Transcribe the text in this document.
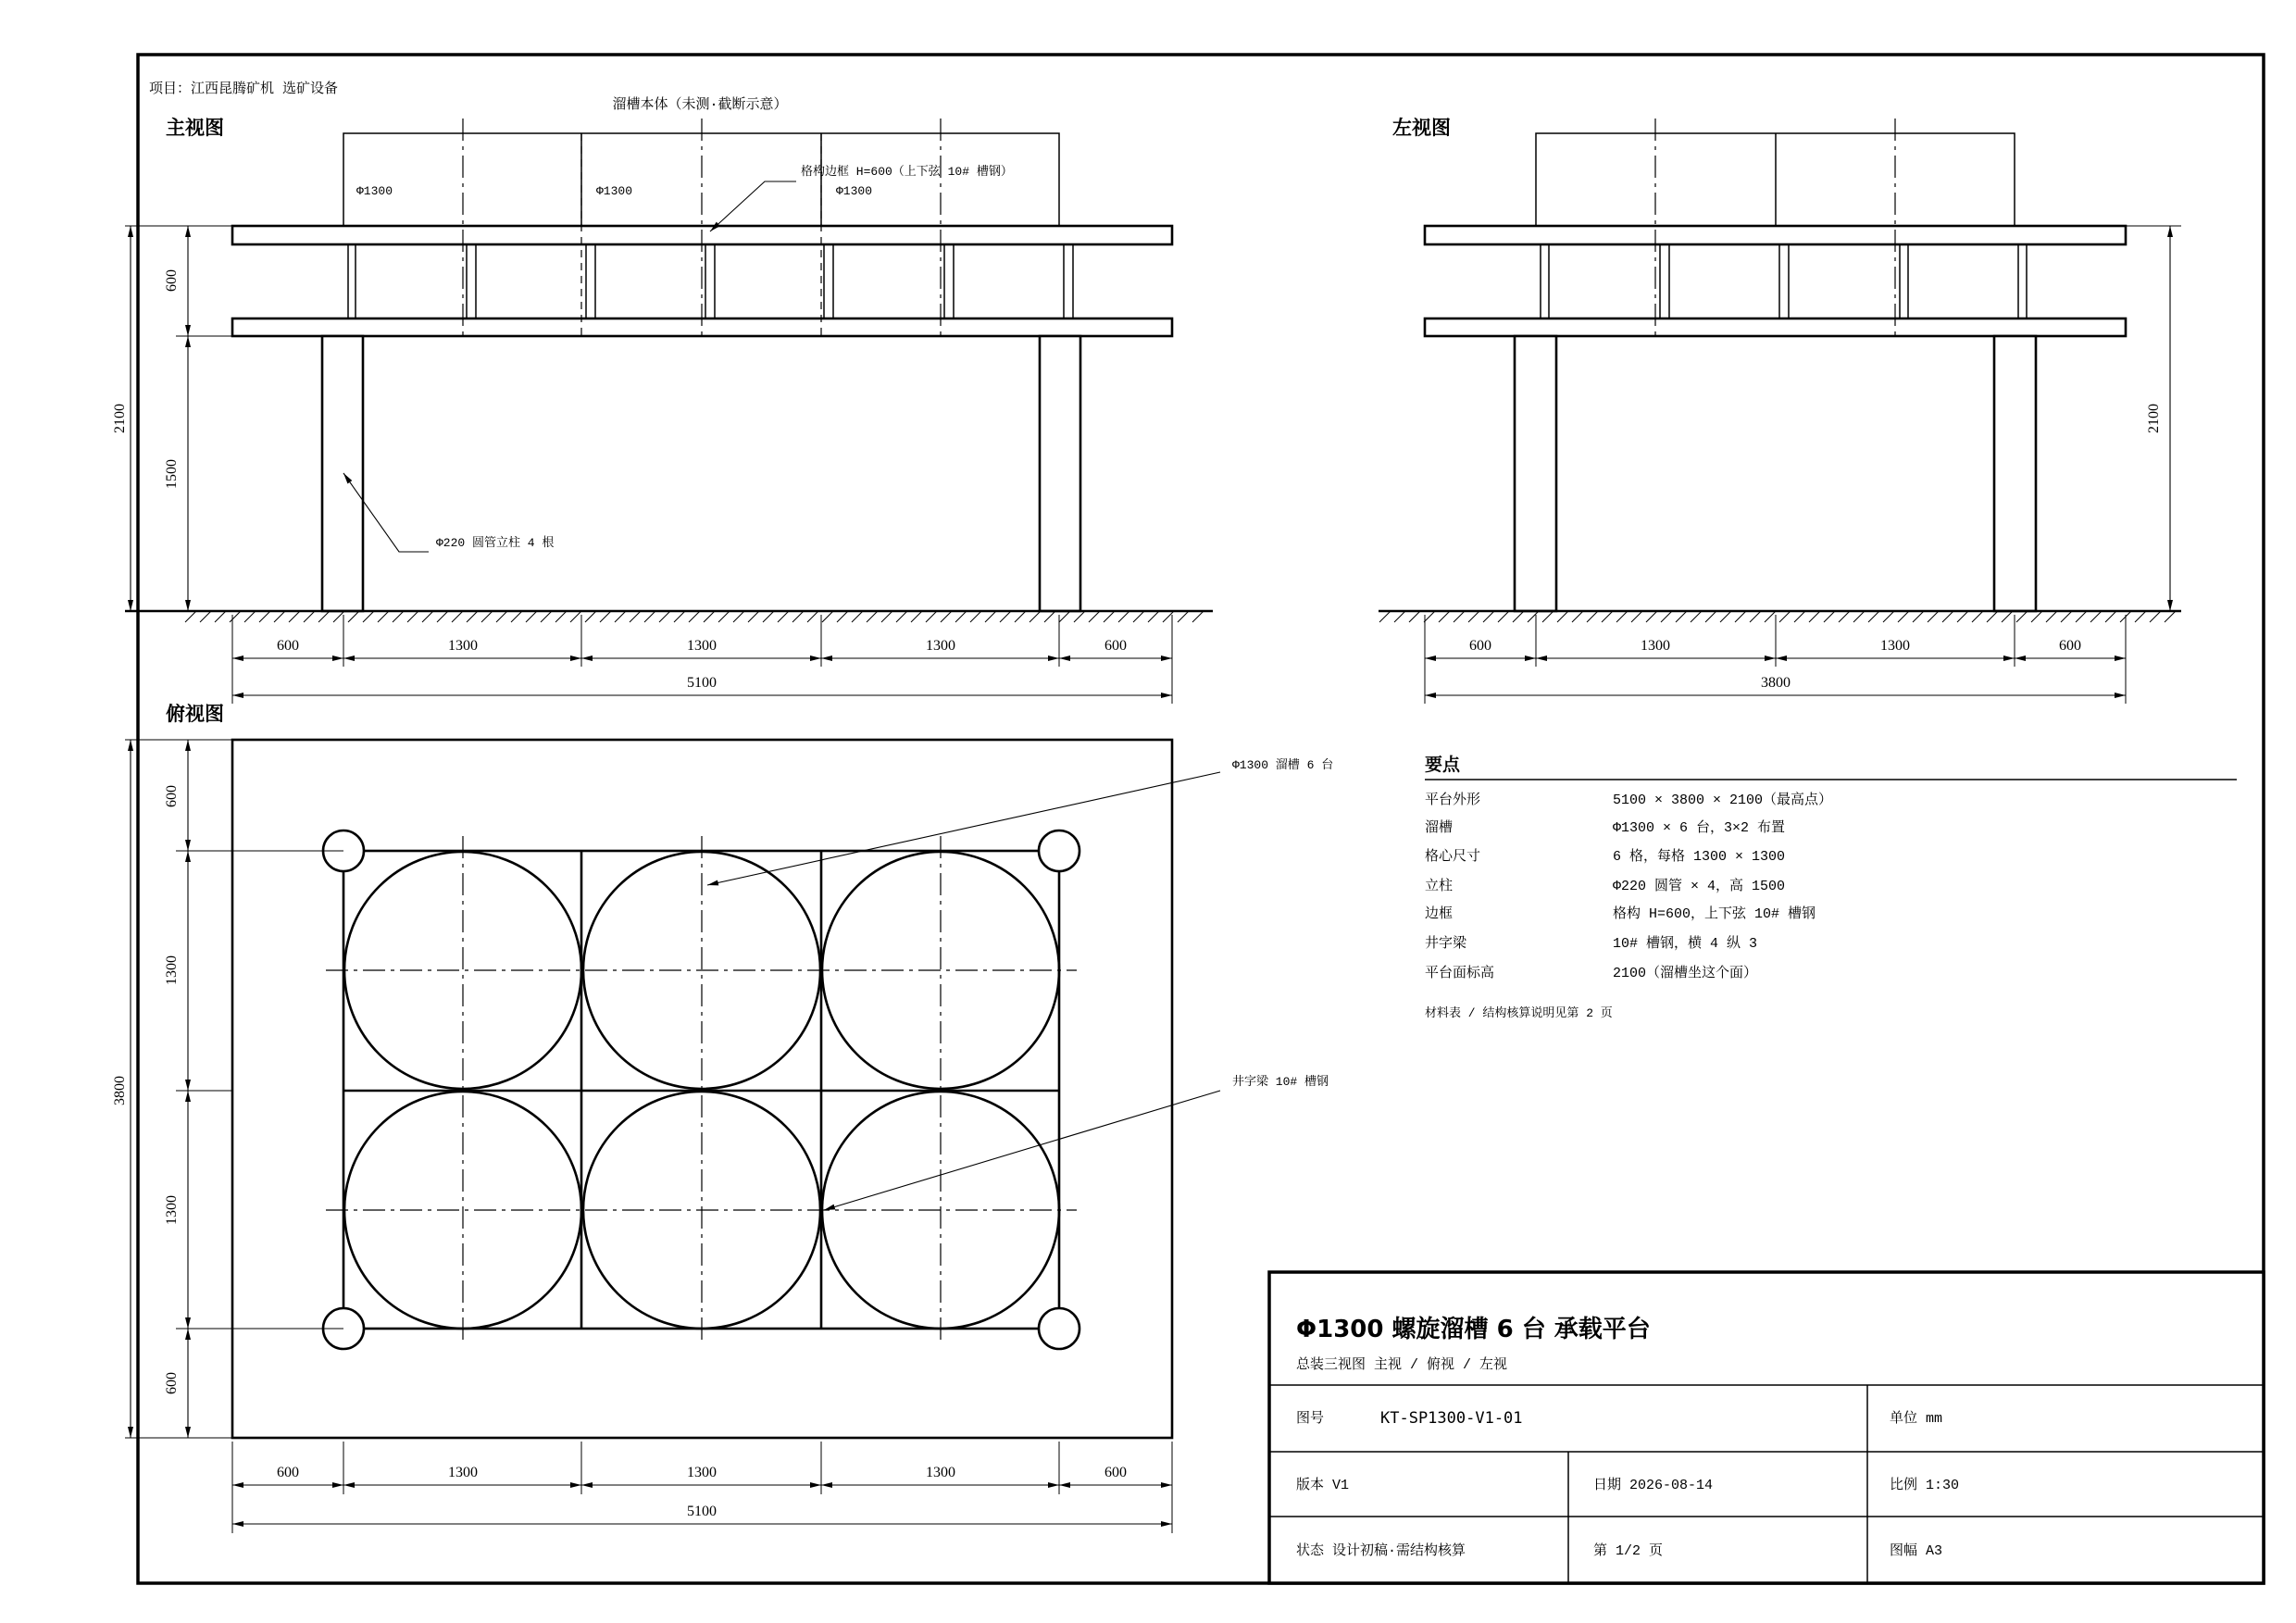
项目：江西昆腾矿机 选矿设备
主视图
溜槽本体（未测·截断示意）
Φ1300	Φ1300	Φ1300
格构边框 H=600（上下弦 10# 槽钢）
Φ220 圆管立柱 4 根
600
1500
2100
600	1300	1300	1300	600
5100
左视图
2100
600	1300	1300	600
3800
俯视图
Φ1300 溜槽 6 台
井字梁 10# 槽钢
600
1300
1300
600
3800
600	1300	1300	1300	600
5100
要点
平台外形	5100 × 3800 × 2100（最高点）
溜槽	Φ1300 × 6 台，3×2 布置
格心尺寸	6 格，每格 1300 × 1300
立柱	Φ220 圆管 × 4，高 1500
边框	格构 H=600，上下弦 10# 槽钢
井字梁	10# 槽钢，横 4 纵 3
平台面标高	2100（溜槽坐这个面）
材料表 / 结构核算说明见第 2 页
Φ1300 螺旋溜槽 6 台 承载平台
总装三视图 主视 / 俯视 / 左视
图号	KT-SP1300-V1-01	单位 mm
版本 V1	日期 2026-08-14	比例 1:30
状态 设计初稿·需结构核算	第 1/2 页	图幅 A3
